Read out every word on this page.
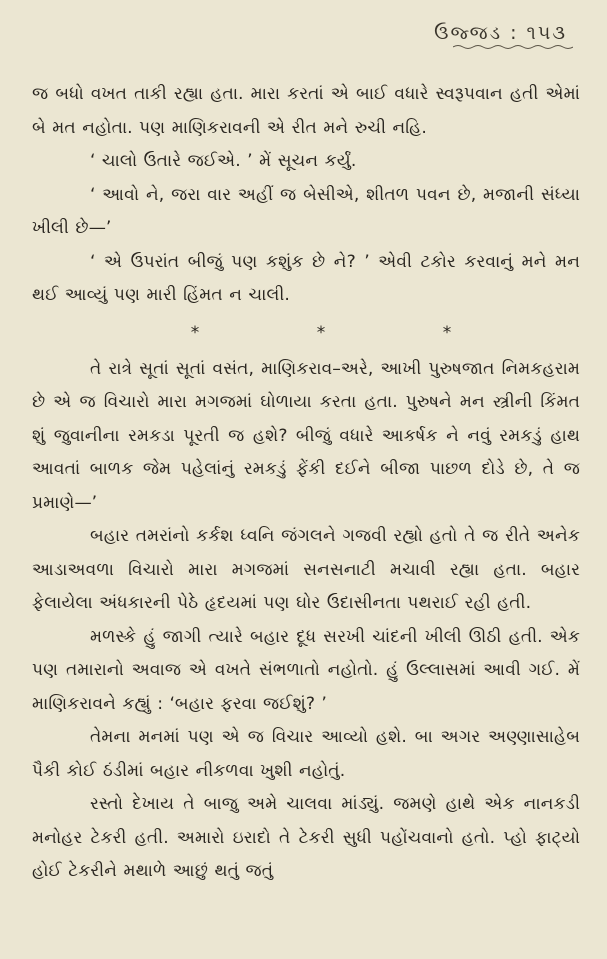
ઉજ્જડ : ૧૫૩

જ બધો વખત તાકી રહ્યા હતા. મારા કરતાં એ બાઈ વધારે સ્વરૂપવાન હતી એમાં બે મત નહોતા. પણ માણિકરાવની એ રીત મને રુચી નહિ.

‘ ચાલો ઉતારે જઈએ. ’ મેં સૂચન કર્યું.

‘ આવો ને, જરા વાર અહીં જ બેસીએ, શીતળ પવન છે, મજાની સંધ્યા ખીલી છે—’

‘ એ ઉપરાંત બીજું પણ કશુંક છે ને? ’ એવી ટકોર કરવાનું મને મન થઈ આવ્યું પણ મારી હિંમત ન ચાલી.

*	*	*

તે રાત્રે સૂતાં સૂતાં વસંત, માણિકરાવ–અરે, આખી પુરુષજાત નિમકહરામ છે એ જ વિચારો મારા મગજમાં ઘોળાયા કરતા હતા. પુરુષને મન સ્ત્રીની કિંમત શું જુવાનીના રમકડા પૂરતી જ હશે? બીજું વધારે આકર્ષક ને નવું રમકડું હાથ આવતાં બાળક જેમ પહેલાંનું રમકડું ફેંકી દઈને બીજા પાછળ દોડે છે, તે જ પ્રમાણે—’

બહાર તમરાંનો કર્કશ ધ્વનિ જંગલને ગજવી રહ્યો હતો તે જ રીતે અનેક આડાઅવળા વિચારો મારા મગજમાં સનસનાટી મચાવી રહ્યા હતા. બહાર ફેલાયેલા અંધકારની પેઠે હૃદયમાં પણ ઘોર ઉદાસીનતા પથરાઈ રહી હતી.

મળસ્કે હું જાગી ત્યારે બહાર દૂધ સરખી ચાંદની ખીલી ઊઠી હતી. એક પણ તમારાનો અવાજ એ વખતે સંભળાતો નહોતો. હું ઉલ્લાસમાં આવી ગઈ. મેં માણિકરાવને કહ્યું : ‘બહાર ફરવા જઈશું? ’

તેમના મનમાં પણ એ જ વિચાર આવ્યો હશે. બા અગર અણ્ણાસાહેબ પૈકી કોઈ ઠંડીમાં બહાર નીકળવા ખુશી નહોતું.

રસ્તો દેખાય તે બાજુ અમે ચાલવા માંડ્યું. જમણે હાથે એક નાનકડી મનોહર ટેકરી હતી. અમારો ઇરાદો તે ટેકરી સુધી પહોંચવાનો હતો. પ્હો ફાટ્યો હોઈ ટેકરીને મથાળે આછું થતું જતું
